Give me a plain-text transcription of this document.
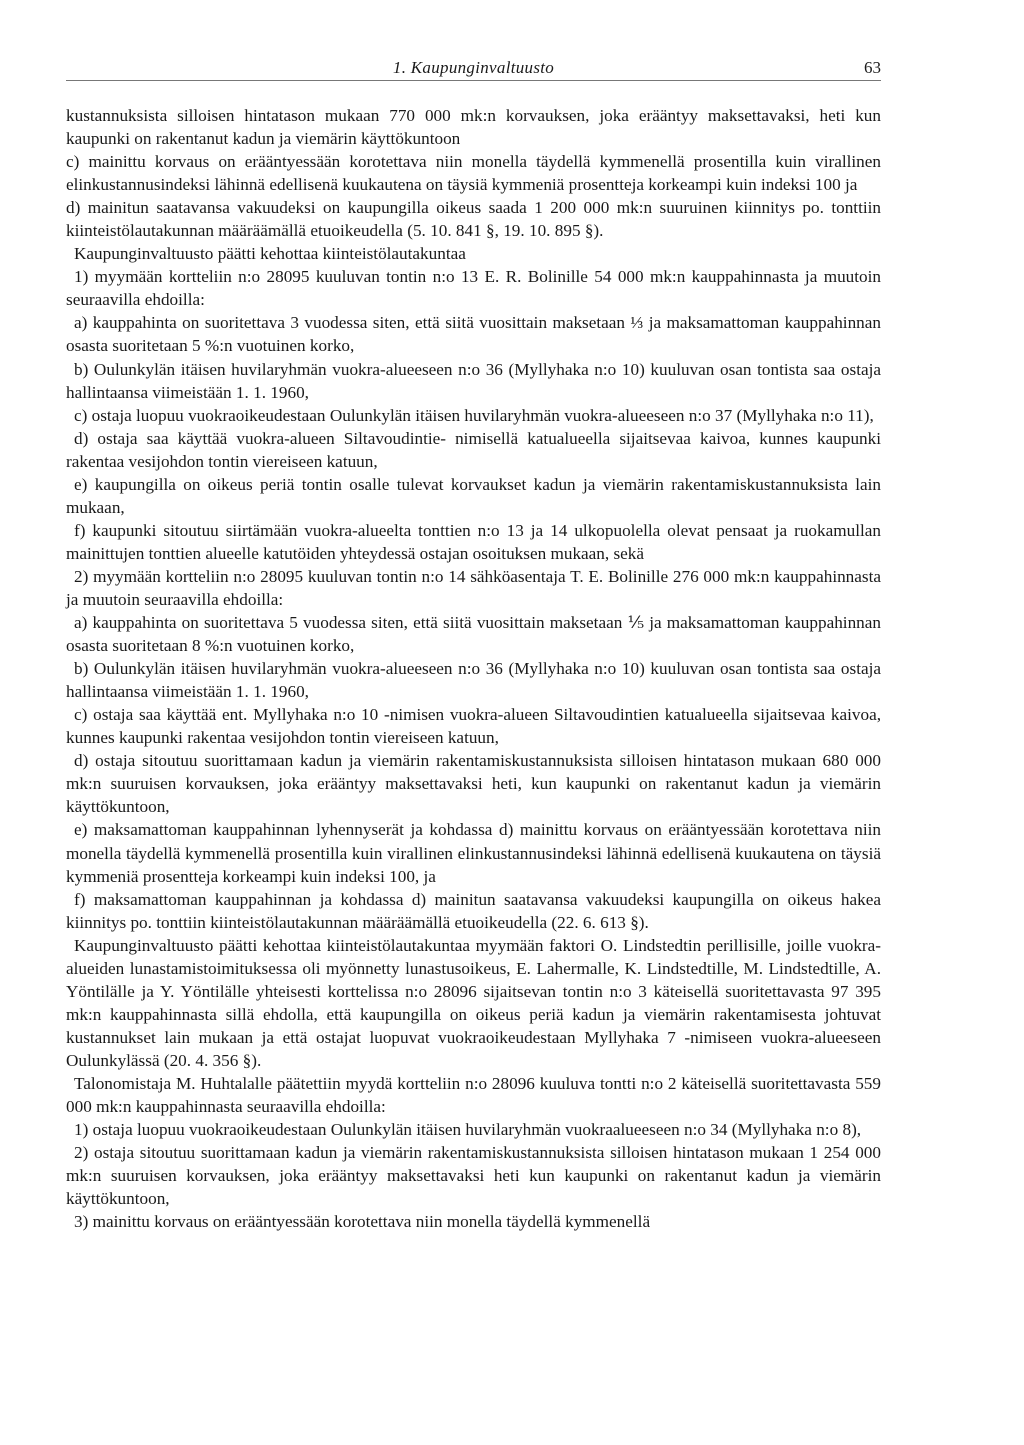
1. Kaupunginvaltuusto	63

kustannuksista silloisen hintatason mukaan 770 000 mk:n korvauksen, joka erääntyy maksettavaksi, heti kun kaupunki on rakentanut kadun ja viemärin käyttökuntoon

c) mainittu korvaus on erääntyessään korotettava niin monella täydellä kymmenellä prosentilla kuin virallinen elinkustannusindeksi lähinnä edellisenä kuukautena on täysiä kymmeniä prosentteja korkeampi kuin indeksi 100 ja

d) mainitun saatavansa vakuudeksi on kaupungilla oikeus saada 1 200 000 mk:n suuruinen kiinnitys po. tonttiin kiinteistölautakunnan määräämällä etuoikeudella (5. 10. 841 §, 19. 10. 895 §).

Kaupunginvaltuusto päätti kehottaa kiinteistölautakuntaa

1) myymään kortteliin n:o 28095 kuuluvan tontin n:o 13 E. R. Bolinille 54 000 mk:n kauppahinnasta ja muutoin seuraavilla ehdoilla:

a) kauppahinta on suoritettava 3 vuodessa siten, että siitä vuosittain maksetaan ⅓ ja maksamattoman kauppahinnan osasta suoritetaan 5 %:n vuotuinen korko,

b) Oulunkylän itäisen huvilaryhmän vuokra-alueeseen n:o 36 (Myllyhaka n:o 10) kuuluvan osan tontista saa ostaja hallintaansa viimeistään 1. 1. 1960,

c) ostaja luopuu vuokraoikeudestaan Oulunkylän itäisen huvilaryhmän vuokra-alueeseen n:o 37 (Myllyhaka n:o 11),

d) ostaja saa käyttää vuokra-alueen Siltavoudintie- nimisellä katualueella sijaitsevaa kaivoa, kunnes kaupunki rakentaa vesijohdon tontin viereiseen katuun,

e) kaupungilla on oikeus periä tontin osalle tulevat korvaukset kadun ja viemärin rakentamiskustannuksista lain mukaan,

f) kaupunki sitoutuu siirtämään vuokra-alueelta tonttien n:o 13 ja 14 ulkopuolella olevat pensaat ja ruokamullan mainittujen tonttien alueelle katutöiden yhteydessä ostajan osoituksen mukaan, sekä

2) myymään kortteliin n:o 28095 kuuluvan tontin n:o 14 sähköasentaja T. E. Bolinille 276 000 mk:n kauppahinnasta ja muutoin seuraavilla ehdoilla:

a) kauppahinta on suoritettava 5 vuodessa siten, että siitä vuosittain maksetaan ⅕ ja maksamattoman kauppahinnan osasta suoritetaan 8 %:n vuotuinen korko,

b) Oulunkylän itäisen huvilaryhmän vuokra-alueeseen n:o 36 (Myllyhaka n:o 10) kuuluvan osan tontista saa ostaja hallintaansa viimeistään 1. 1. 1960,

c) ostaja saa käyttää ent. Myllyhaka n:o 10 -nimisen vuokra-alueen Siltavoudintien katualueella sijaitsevaa kaivoa, kunnes kaupunki rakentaa vesijohdon tontin viereiseen katuun,

d) ostaja sitoutuu suorittamaan kadun ja viemärin rakentamiskustannuksista silloisen hintatason mukaan 680 000 mk:n suuruisen korvauksen, joka erääntyy maksettavaksi heti, kun kaupunki on rakentanut kadun ja viemärin käyttökuntoon,

e) maksamattoman kauppahinnan lyhennyserät ja kohdassa d) mainittu korvaus on erääntyessään korotettava niin monella täydellä kymmenellä prosentilla kuin virallinen elinkustannusindeksi lähinnä edellisenä kuukautena on täysiä kymmeniä prosentteja korkeampi kuin indeksi 100, ja

f) maksamattoman kauppahinnan ja kohdassa d) mainitun saatavansa vakuudeksi kaupungilla on oikeus hakea kiinnitys po. tonttiin kiinteistölautakunnan määräämällä etuoikeudella (22. 6. 613 §).

Kaupunginvaltuusto päätti kehottaa kiinteistölautakuntaa myymään faktori O. Lindstedtin perillisille, joille vuokra-alueiden lunastamistoimituksessa oli myönnetty lunastusoikeus, E. Lahermalle, K. Lindstedtille, M. Lindstedtille, A. Yöntilälle ja Y. Yöntilälle yhteisesti korttelissa n:o 28096 sijaitsevan tontin n:o 3 käteisellä suoritettavasta 97 395 mk:n kauppahinnasta sillä ehdolla, että kaupungilla on oikeus periä kadun ja viemärin rakentamisesta johtuvat kustannukset lain mukaan ja että ostajat luopuvat vuokraoikeudestaan Myllyhaka 7 -nimiseen vuokra-alueeseen Oulunkylässä (20. 4. 356 §).

Talonomistaja M. Huhtalalle päätettiin myydä kortteliin n:o 28096 kuuluva tontti n:o 2 käteisellä suoritettavasta 559 000 mk:n kauppahinnasta seuraavilla ehdoilla:

1) ostaja luopuu vuokraoikeudestaan Oulunkylän itäisen huvilaryhmän vuokraalueeseen n:o 34 (Myllyhaka n:o 8),

2) ostaja sitoutuu suorittamaan kadun ja viemärin rakentamiskustannuksista silloisen hintatason mukaan 1 254 000 mk:n suuruisen korvauksen, joka erääntyy maksettavaksi heti kun kaupunki on rakentanut kadun ja viemärin käyttökuntoon,

3) mainittu korvaus on erääntyessään korotettava niin monella täydellä kymmenellä
